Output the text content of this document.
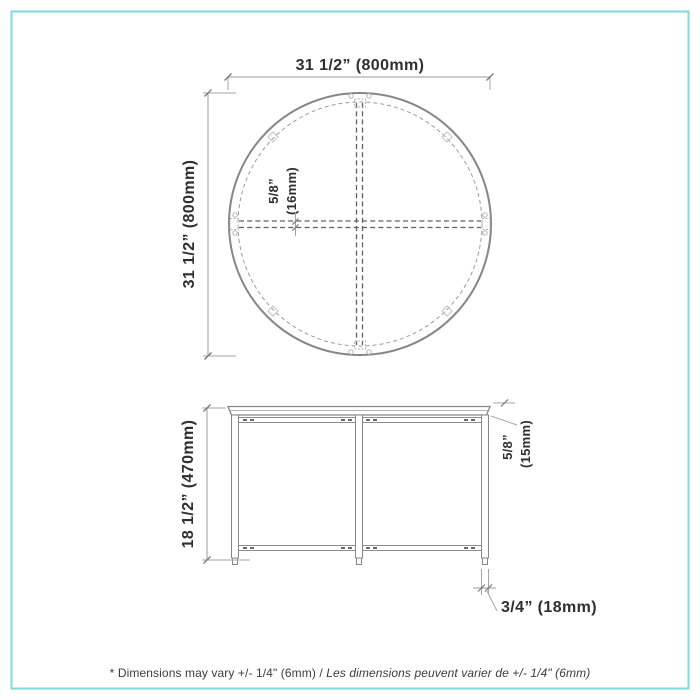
31 1/2” (800mm)
31 1/2” (800mm)	5/8” (16mm)
18 1/2” (470mm)	5/8” (15mm)
3/4” (18mm)
* Dimensions may vary +/- 1/4" (6mm) / Les dimensions peuvent varier de +/- 1/4" (6mm)
